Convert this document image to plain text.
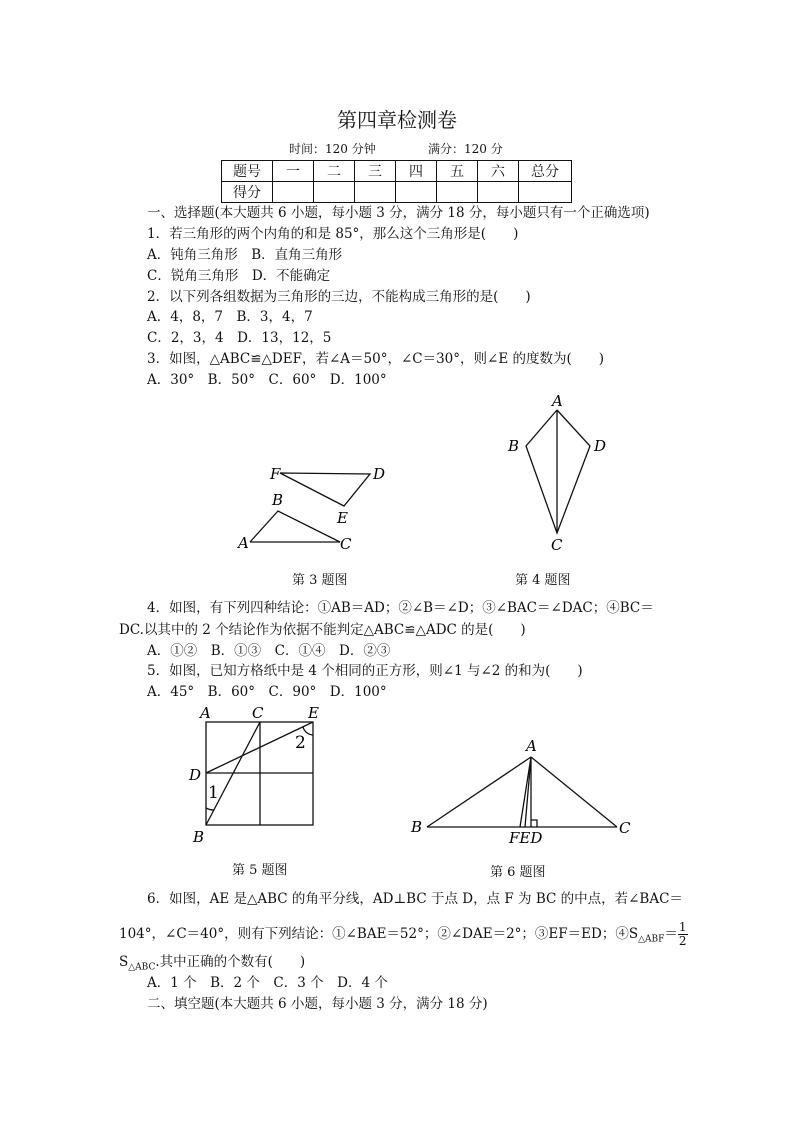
第四章检测卷
时间：120 分钟	满分：120 分
题号	一	二	三	四	五	六	总分
得分							
一、选择题(本大题共 6 小题，每小题 3 分，满分 18 分，每小题只有一个正确选项)
1．若三角形的两个内角的和是 85°，那么这个三角形是(　　)
A．钝角三角形　B．直角三角形
C．锐角三角形　D．不能确定
2．以下列各组数据为三角形的三边，不能构成三角形的是(　　)
A．4，8，7　B．3，4，7
C．2，3，4　D．13，12，5
3．如图，△ABC≌△DEF，若∠A＝50°，∠C＝30°，则∠E 的度数为(　　)
A．30°　B．50°　C．60°　D．100°
F	D
B
E
A	C
第 3 题图
A
B	D
C
第 4 题图
4．如图，有下列四种结论：①AB＝AD；②∠B＝∠D；③∠BAC＝∠DAC；④BC＝
DC.以其中的 2 个结论作为依据不能判定△ABC≌△ADC 的是(　　)
A．①②　B．①③　C．①④　D．②③
5．如图，已知方格纸中是 4 个相同的正方形，则∠1 与∠2 的和为(　　)
A．45°　B．60°　C．90°　D．100°
A	C	E
D
B
1
2
第 5 题图
A
B	C
FED
第 6 题图
6．如图，AE 是△ABC 的角平分线，AD⊥BC 于点 D，点 F 为 BC 的中点，若∠BAC＝
104°，∠C＝40°，则有下列结论：①∠BAE＝52°；②∠DAE＝2°；③EF＝ED；$④S_{\triangle ABF}= \frac{1}{2}$
$S_{\triangle ABC}$.其中正确的个数有(　　)
A．1 个　B．2 个　C．3 个　D．4 个
二、填空题(本大题共 6 小题，每小题 3 分，满分 18 分)
